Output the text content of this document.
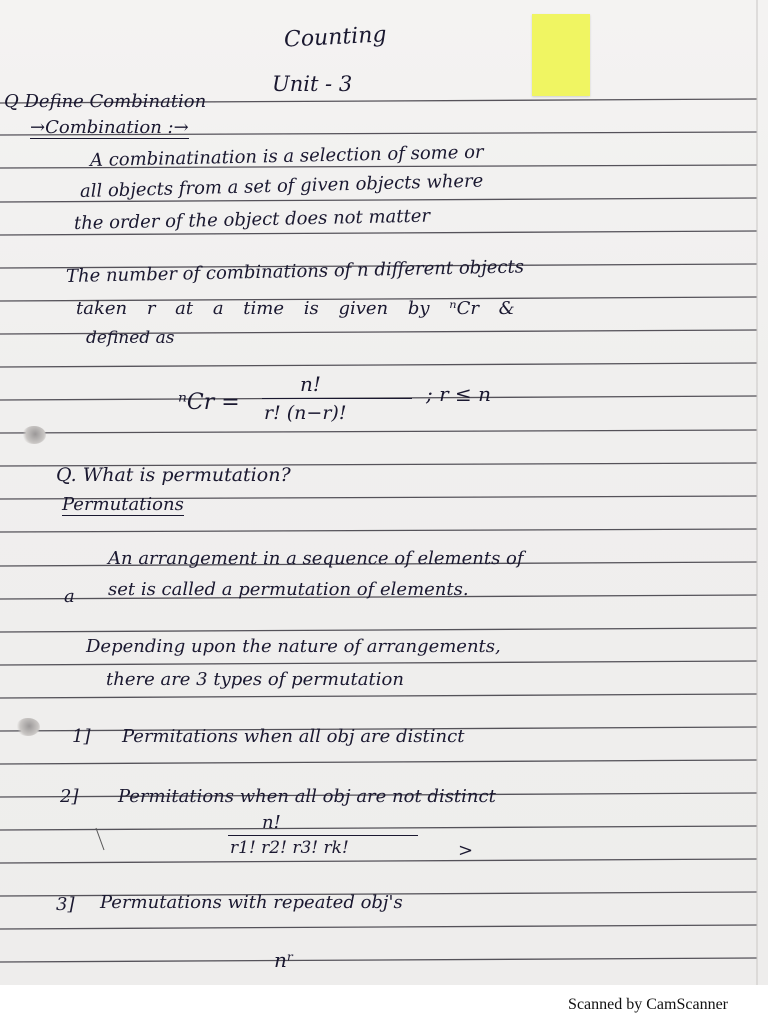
Counting
Unit - 3
Q Define Combination
→Combination :→
A combinatination is a selection of some or
all objects from a set of given objects where
the order of the object does not matter
The number of combinations of n different objects
taken r at a time is given by ⁿCr &
defined as
ⁿCr =
n!
r! (n−r)!
; r ≤ n
Q. What is permutation?
Permutations
An arrangement in a sequence of elements of
a set is called a permutation of elements.
Depending upon the nature of arrangements,
there are 3 types of permutation
1] Permitations when all obj are distinct
2] Permitations when all obj are not distinct
n!
r1! r2! r3! rk!	>
3] Permutations with repeated obj's
nʳ
Scanned by CamScanner
